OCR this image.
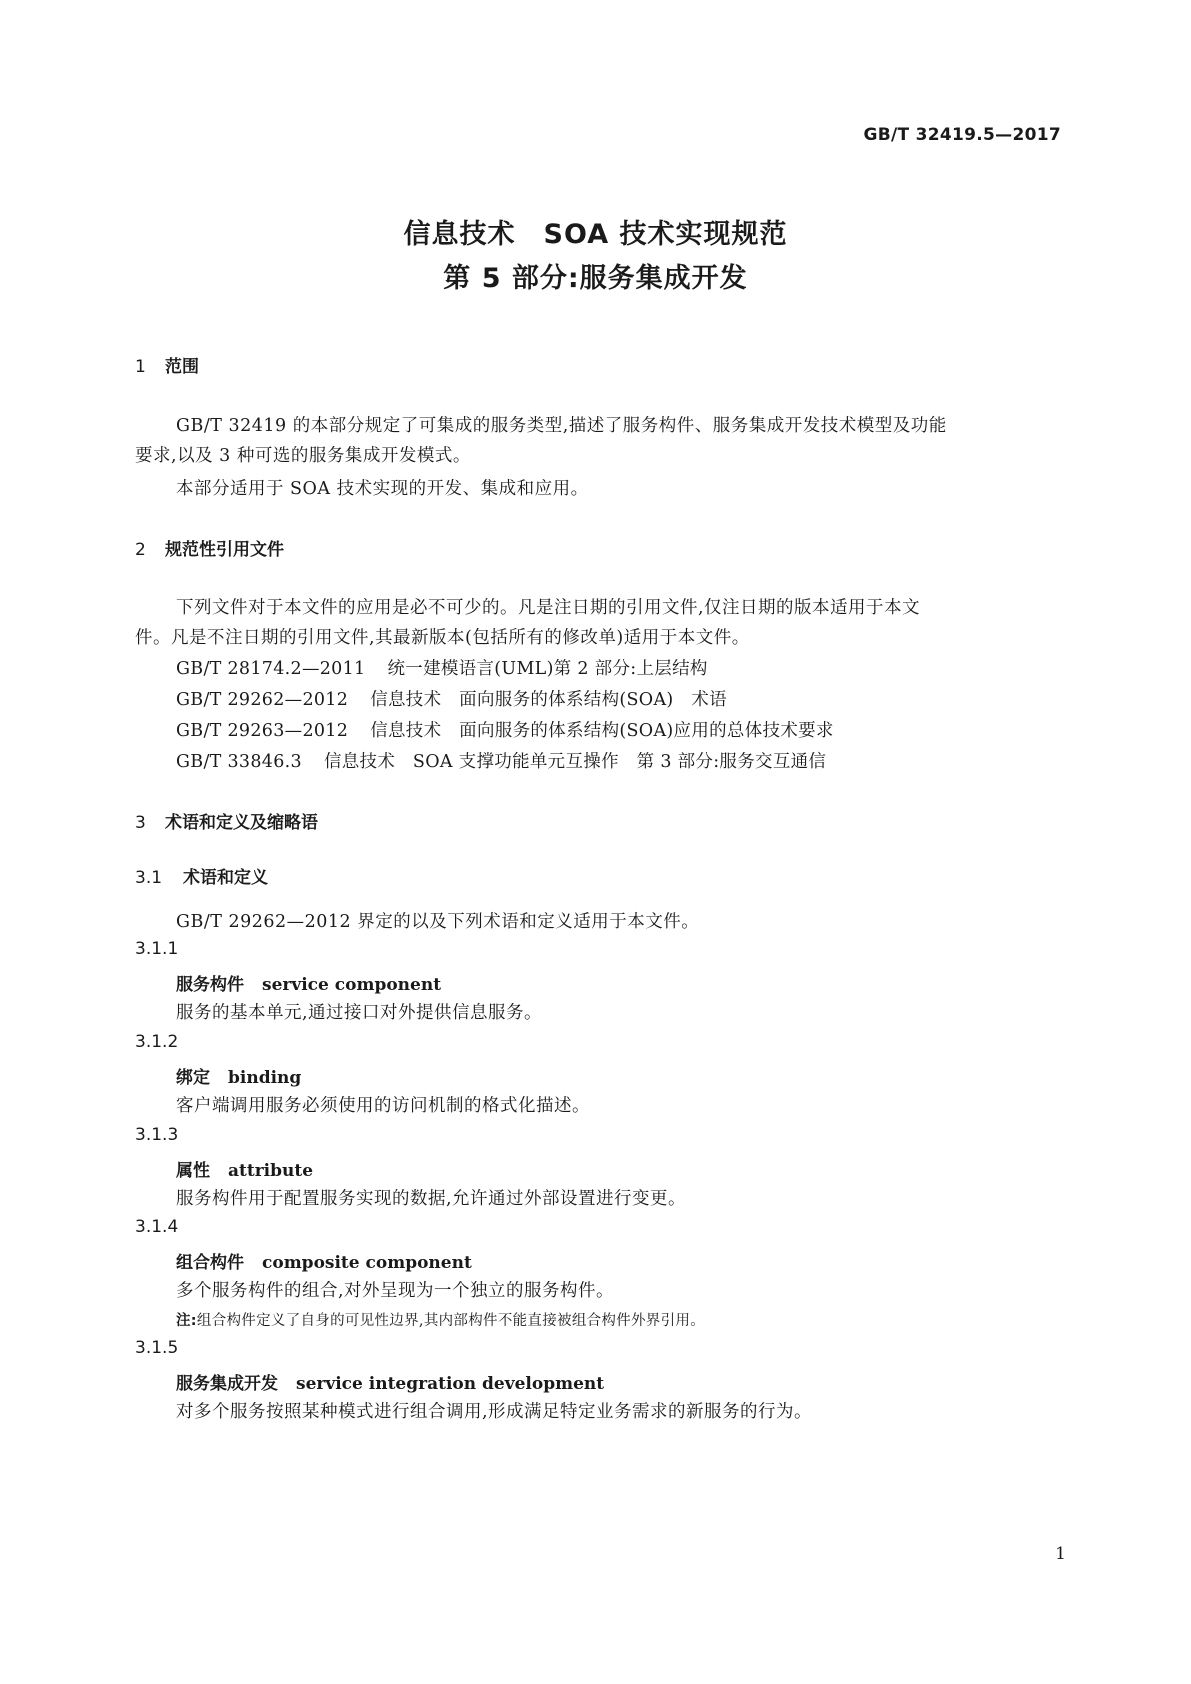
GB/T 32419.5—2017
信息技术　SOA 技术实现规范
第 5 部分:服务集成开发
1 范围
GB/T 32419 的本部分规定了可集成的服务类型,描述了服务构件、服务集成开发技术模型及功能
要求,以及 3 种可选的服务集成开发模式。
本部分适用于 SOA 技术实现的开发、集成和应用。
2 规范性引用文件
下列文件对于本文件的应用是必不可少的。凡是注日期的引用文件,仅注日期的版本适用于本文
件。凡是不注日期的引用文件,其最新版本(包括所有的修改单)适用于本文件。
GB/T 28174.2—2011 统一建模语言(UML)第 2 部分:上层结构
GB/T 29262—2012 信息技术　面向服务的体系结构(SOA)　术语
GB/T 29263—2012 信息技术　面向服务的体系结构(SOA)应用的总体技术要求
GB/T 33846.3 信息技术　SOA 支撑功能单元互操作　第 3 部分:服务交互通信
3 术语和定义及缩略语
3.1 术语和定义
GB/T 29262—2012 界定的以及下列术语和定义适用于本文件。
3.1.1
服务构件 service component
服务的基本单元,通过接口对外提供信息服务。
3.1.2
绑定 binding
客户端调用服务必须使用的访问机制的格式化描述。
3.1.3
属性 attribute
服务构件用于配置服务实现的数据,允许通过外部设置进行变更。
3.1.4
组合构件 composite component
多个服务构件的组合,对外呈现为一个独立的服务构件。
注:组合构件定义了自身的可见性边界,其内部构件不能直接被组合构件外界引用。
3.1.5
服务集成开发 service integration development
对多个服务按照某种模式进行组合调用,形成满足特定业务需求的新服务的行为。
1
